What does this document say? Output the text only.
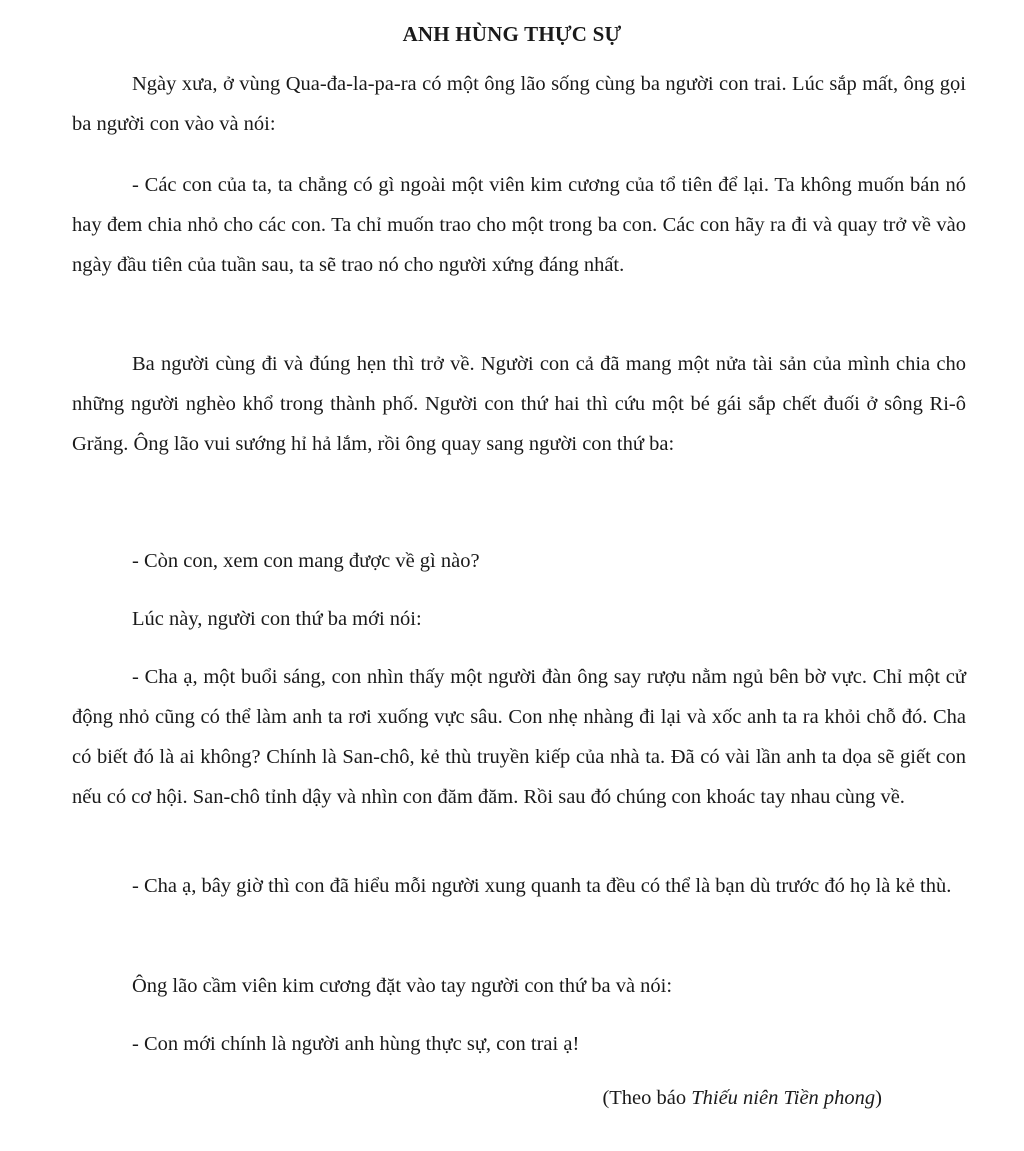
ANH HÙNG THỰC SỰ

Ngày xưa, ở vùng Qua-đa-la-pa-ra có một ông lão sống cùng ba người con trai. Lúc sắp mất, ông gọi ba người con vào và nói:

- Các con của ta, ta chẳng có gì ngoài một viên kim cương của tổ tiên để lại. Ta không muốn bán nó hay đem chia nhỏ cho các con. Ta chỉ muốn trao cho một trong ba con. Các con hãy ra đi và quay trở về vào ngày đầu tiên của tuần sau, ta sẽ trao nó cho người xứng đáng nhất.

Ba người cùng đi và đúng hẹn thì trở về. Người con cả đã mang một nửa tài sản của mình chia cho những người nghèo khổ trong thành phố. Người con thứ hai thì cứu một bé gái sắp chết đuối ở sông Ri-ô Grăng. Ông lão vui sướng hỉ hả lắm, rồi ông quay sang người con thứ ba:

- Còn con, xem con mang được về gì nào?

Lúc này, người con thứ ba mới nói:

- Cha ạ, một buổi sáng, con nhìn thấy một người đàn ông say rượu nằm ngủ bên bờ vực. Chỉ một cử động nhỏ cũng có thể làm anh ta rơi xuống vực sâu. Con nhẹ nhàng đi lại và xốc anh ta ra khỏi chỗ đó. Cha có biết đó là ai không? Chính là San-chô, kẻ thù truyền kiếp của nhà ta. Đã có vài lần anh ta dọa sẽ giết con nếu có cơ hội. San-chô tỉnh dậy và nhìn con đăm đăm. Rồi sau đó chúng con khoác tay nhau cùng về.

- Cha ạ, bây giờ thì con đã hiểu mỗi người xung quanh ta đều có thể là bạn dù trước đó họ là kẻ thù.

Ông lão cầm viên kim cương đặt vào tay người con thứ ba và nói:

- Con mới chính là người anh hùng thực sự, con trai ạ!

(Theo báo Thiếu niên Tiền phong)
